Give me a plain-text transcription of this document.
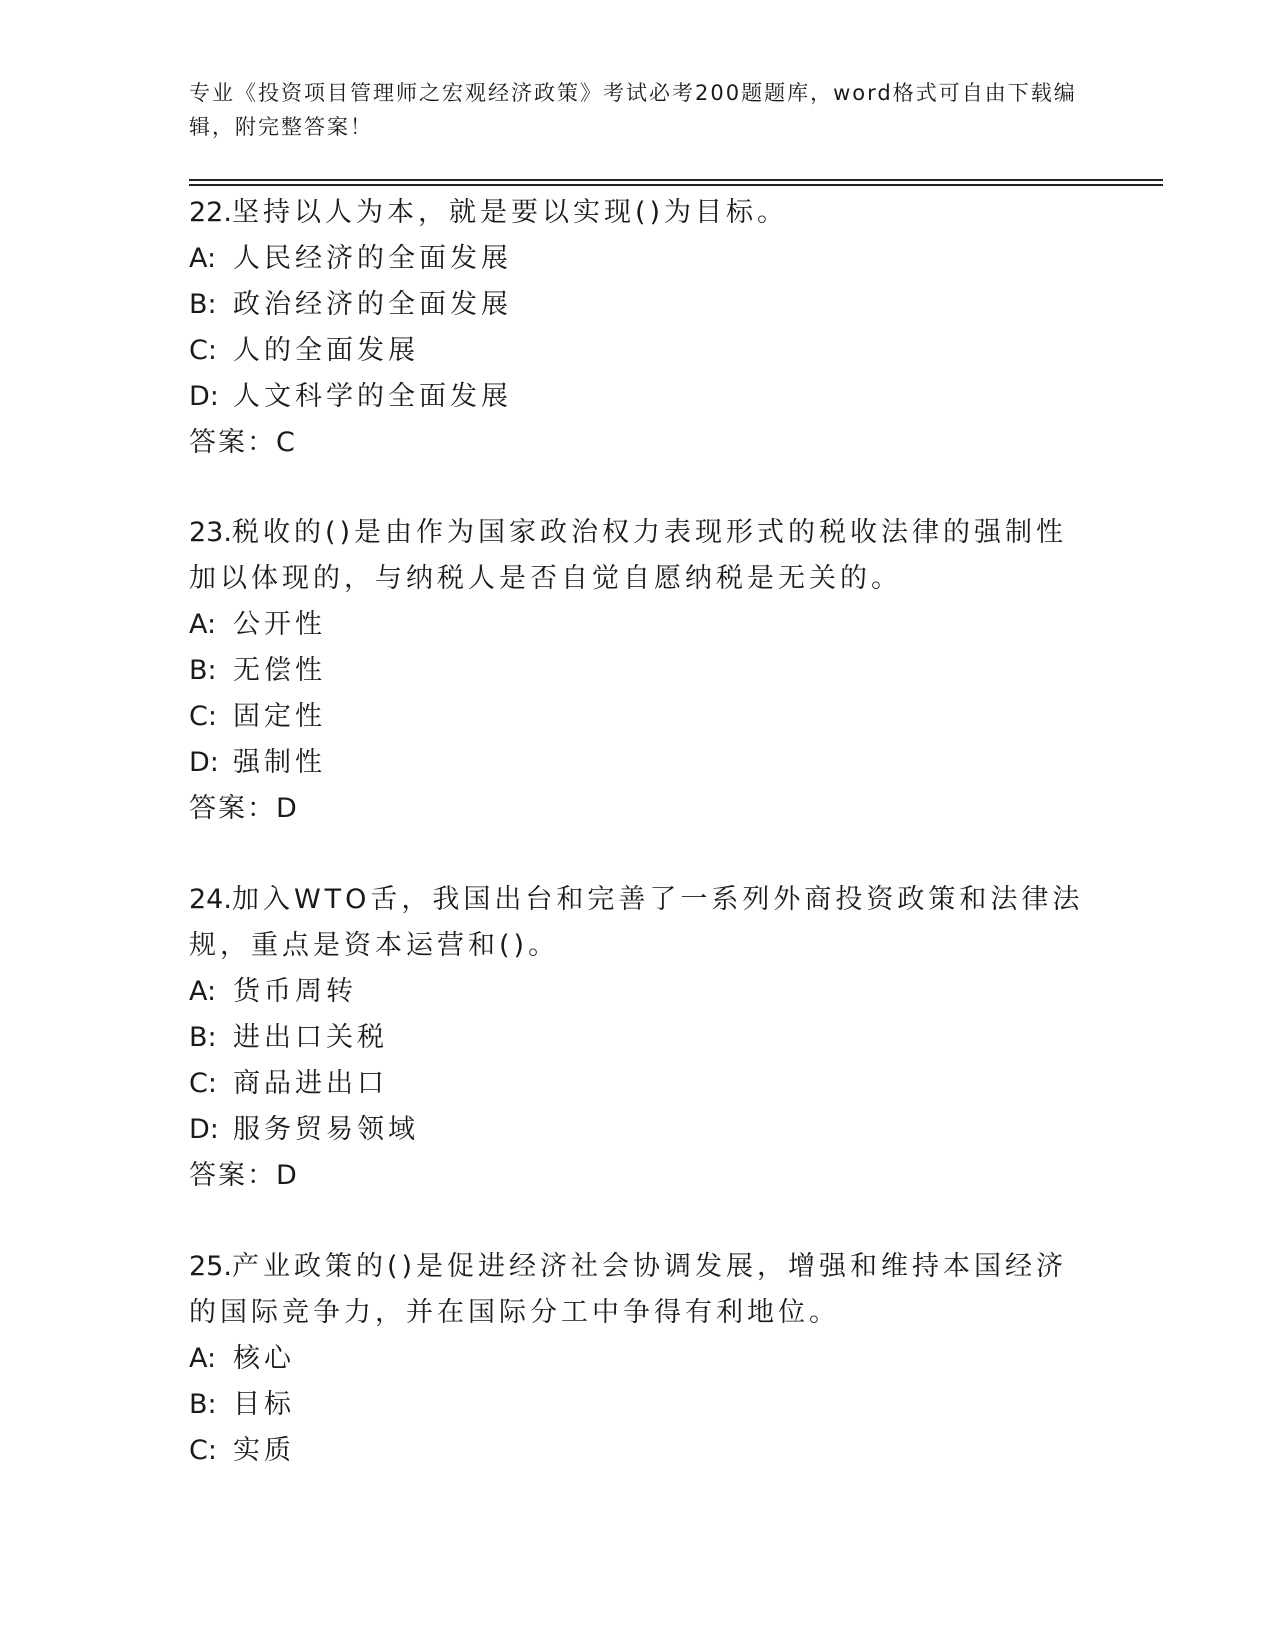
专业《投资项目管理师之宏观经济政策》考试必考200题题库，word格式可自由下载编辑，附完整答案！

22.坚持以人为本，就是要以实现()为目标。

A: 人民经济的全面发展

B: 政治经济的全面发展

C: 人的全面发展

D: 人文科学的全面发展

答案：C

23.税收的()是由作为国家政治权力表现形式的税收法律的强制性加以体现的，与纳税人是否自觉自愿纳税是无关的。

A: 公开性

B: 无偿性

C: 固定性

D: 强制性

答案：D

24.加入WTO舌，我国出台和完善了一系列外商投资政策和法律法规，重点是资本运营和()。

A: 货币周转

B: 进出口关税

C: 商品进出口

D: 服务贸易领域

答案：D

25.产业政策的()是促进经济社会协调发展，增强和维持本国经济的国际竞争力，并在国际分工中争得有利地位。

A: 核心

B: 目标

C: 实质
